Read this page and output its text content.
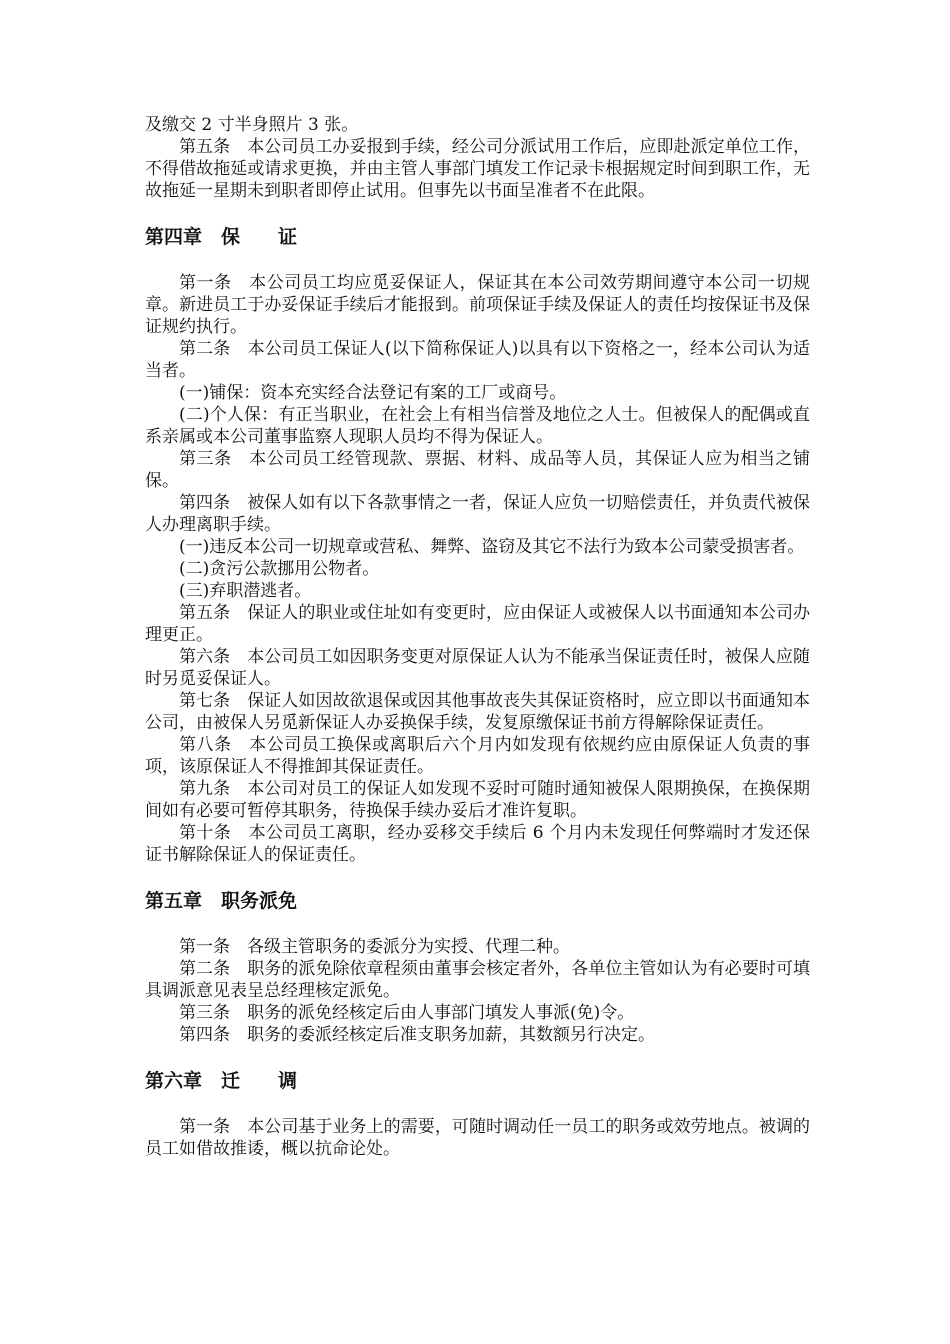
及缴交 2 寸半身照片 3 张。
第五条　本公司员工办妥报到手续，经公司分派试用工作后，应即赴派定单位工作，不得借故拖延或请求更换，并由主管人事部门填发工作记录卡根据规定时间到职工作，无故拖延一星期未到职者即停止试用。但事先以书面呈准者不在此限。
第四章　保　　证
第一条　本公司员工均应觅妥保证人，保证其在本公司效劳期间遵守本公司一切规章。新进员工于办妥保证手续后才能报到。前项保证手续及保证人的责任均按保证书及保证规约执行。
第二条　本公司员工保证人(以下简称保证人)以具有以下资格之一，经本公司认为适当者。
(一)铺保：资本充实经合法登记有案的工厂或商号。
(二)个人保：有正当职业，在社会上有相当信誉及地位之人士。但被保人的配偶或直系亲属或本公司董事监察人现职人员均不得为保证人。
第三条　本公司员工经管现款、票据、材料、成品等人员，其保证人应为相当之铺保。
第四条　被保人如有以下各款事情之一者，保证人应负一切赔偿责任，并负责代被保人办理离职手续。
(一)违反本公司一切规章或营私、舞弊、盗窃及其它不法行为致本公司蒙受损害者。
(二)贪污公款挪用公物者。
(三)弃职潜逃者。
第五条　保证人的职业或住址如有变更时，应由保证人或被保人以书面通知本公司办理更正。
第六条　本公司员工如因职务变更对原保证人认为不能承当保证责任时，被保人应随时另觅妥保证人。
第七条　保证人如因故欲退保或因其他事故丧失其保证资格时，应立即以书面通知本公司，由被保人另觅新保证人办妥换保手续，发复原缴保证书前方得解除保证责任。
第八条　本公司员工换保或离职后六个月内如发现有依规约应由原保证人负责的事项，该原保证人不得推卸其保证责任。
第九条　本公司对员工的保证人如发现不妥时可随时通知被保人限期换保，在换保期间如有必要可暂停其职务，待换保手续办妥后才准许复职。
第十条　本公司员工离职，经办妥移交手续后 6 个月内未发现任何弊端时才发还保证书解除保证人的保证责任。
第五章　职务派免
第一条　各级主管职务的委派分为实授、代理二种。
第二条　职务的派免除依章程须由董事会核定者外，各单位主管如认为有必要时可填具调派意见表呈总经理核定派免。
第三条　职务的派免经核定后由人事部门填发人事派(免)令。
第四条　职务的委派经核定后准支职务加薪，其数额另行决定。
第六章　迁　　调
第一条　本公司基于业务上的需要，可随时调动任一员工的职务或效劳地点。被调的员工如借故推诿，概以抗命论处。
